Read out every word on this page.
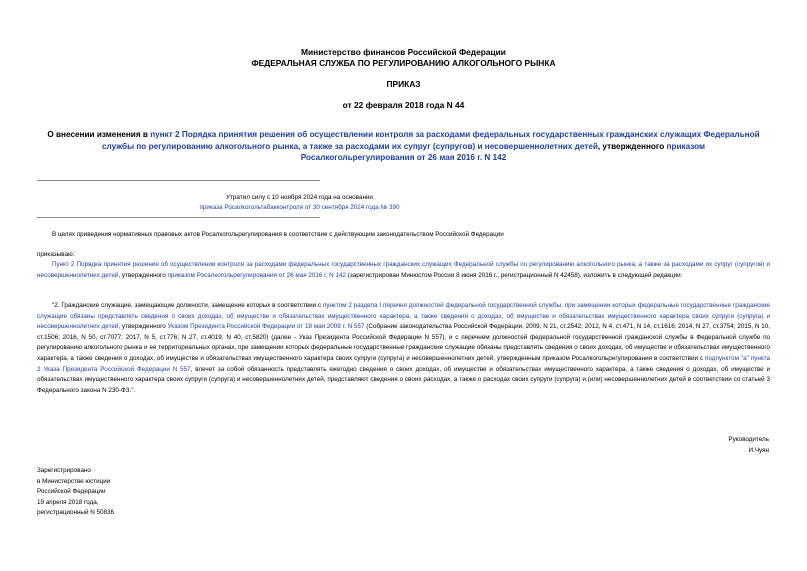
Министерство финансов Российской Федерации
ФЕДЕРАЛЬНАЯ СЛУЖБА ПО РЕГУЛИРОВАНИЮ АЛКОГОЛЬНОГО РЫНКА
ПРИКАЗ
от 22 февраля 2018 года N 44
О внесении изменения в пункт 2 Порядка принятия решения об осуществлении контроля за расходами федеральных государственных гражданских служащих Федеральной службы по регулированию алкогольного рынка, а также за расходами их супруг (супругов) и несовершеннолетних детей, утвержденного приказом Росалкогольрегулирования от 26 мая 2016 г. N 142
Утратил силу с 10 ноября 2024 года на основании
приказа Росалкогольтабакконтроля от 30 сентября 2024 года № 390
В целях приведения нормативных правовых актов Росалкогольрегулирования в соответствие с действующим законодательством Российской Федерации
приказываю:
Пункт 2 Порядка принятия решения об осуществлении контроля за расходами федеральных государственных гражданских служащих Федеральной службы по регулированию алкогольного рынка, а также за расходами их супруг (супругов) и несовершеннолетних детей, утвержденного приказом Росалкогольрегулирования от 26 мая 2016 г. N 142 (зарегистрирован Минюстом России 8 июня 2016 г., регистрационный N 42458), изложить в следующей редакции:
"2. Гражданские служащие, замещающие должности, замещение которых в соответствии с пунктом 2 раздела I перечня должностей федеральной государственной службы, при замещении которых федеральные государственные гражданские служащие обязаны представлять сведения о своих доходах, об имуществе и обязательствах имущественного характера, а также сведения о доходах, об имуществе и обязательствах имущественного характера своих супруги (супруга) и несовершеннолетних детей, утвержденного Указом Президента Российской Федерации от 18 мая 2009 г. N 557 (Собрание законодательства Российской Федерации, 2009, N 21, ст.2542; 2012, N 4, ст.471, N 14, ст.1616; 2014, N 27, ст.3754; 2015, N 10, ст.1506; 2016, N 50, ст.7077; 2017, N 5, ст.776; N 27, ст.4019; N 40, ст.5820) (далее - Указ Президента Российской Федерации N 557), и с перечнем должностей федеральной государственной гражданской службы в Федеральной службе по регулированию алкогольного рынка и ее территориальных органах, при замещении которых федеральные государственные гражданские служащие обязаны представлять сведения о своих доходах, об имуществе и обязательствах имущественного характера, а также сведения о доходах, об имуществе и обязательствах имущественного характера своих супруги (супруга) и несовершеннолетних детей, утвержденным приказом Росалкогольрегулирования в соответствии с подпунктом "а" пункта 2 Указа Президента Российской Федерации N 557, влечет за собой обязанность представлять ежегодно сведения о своих доходах, об имуществе и обязательствах имущественного характера, а также сведения о доходах, об имуществе и обязательствах имущественного характера своих супруги (супруга) и несовершеннолетних детей, представляют сведения о своих расходах, а также о расходах своих супруги (супруга) и (или) несовершеннолетних детей в соответствии со статьей 3 Федерального закона N 230-ФЗ.".
Руководитель
И.Чуян
Зарегистрировано
в Министерстве юстиции
Российской Федерации
19 апреля 2018 года,
регистрационный N 50836
